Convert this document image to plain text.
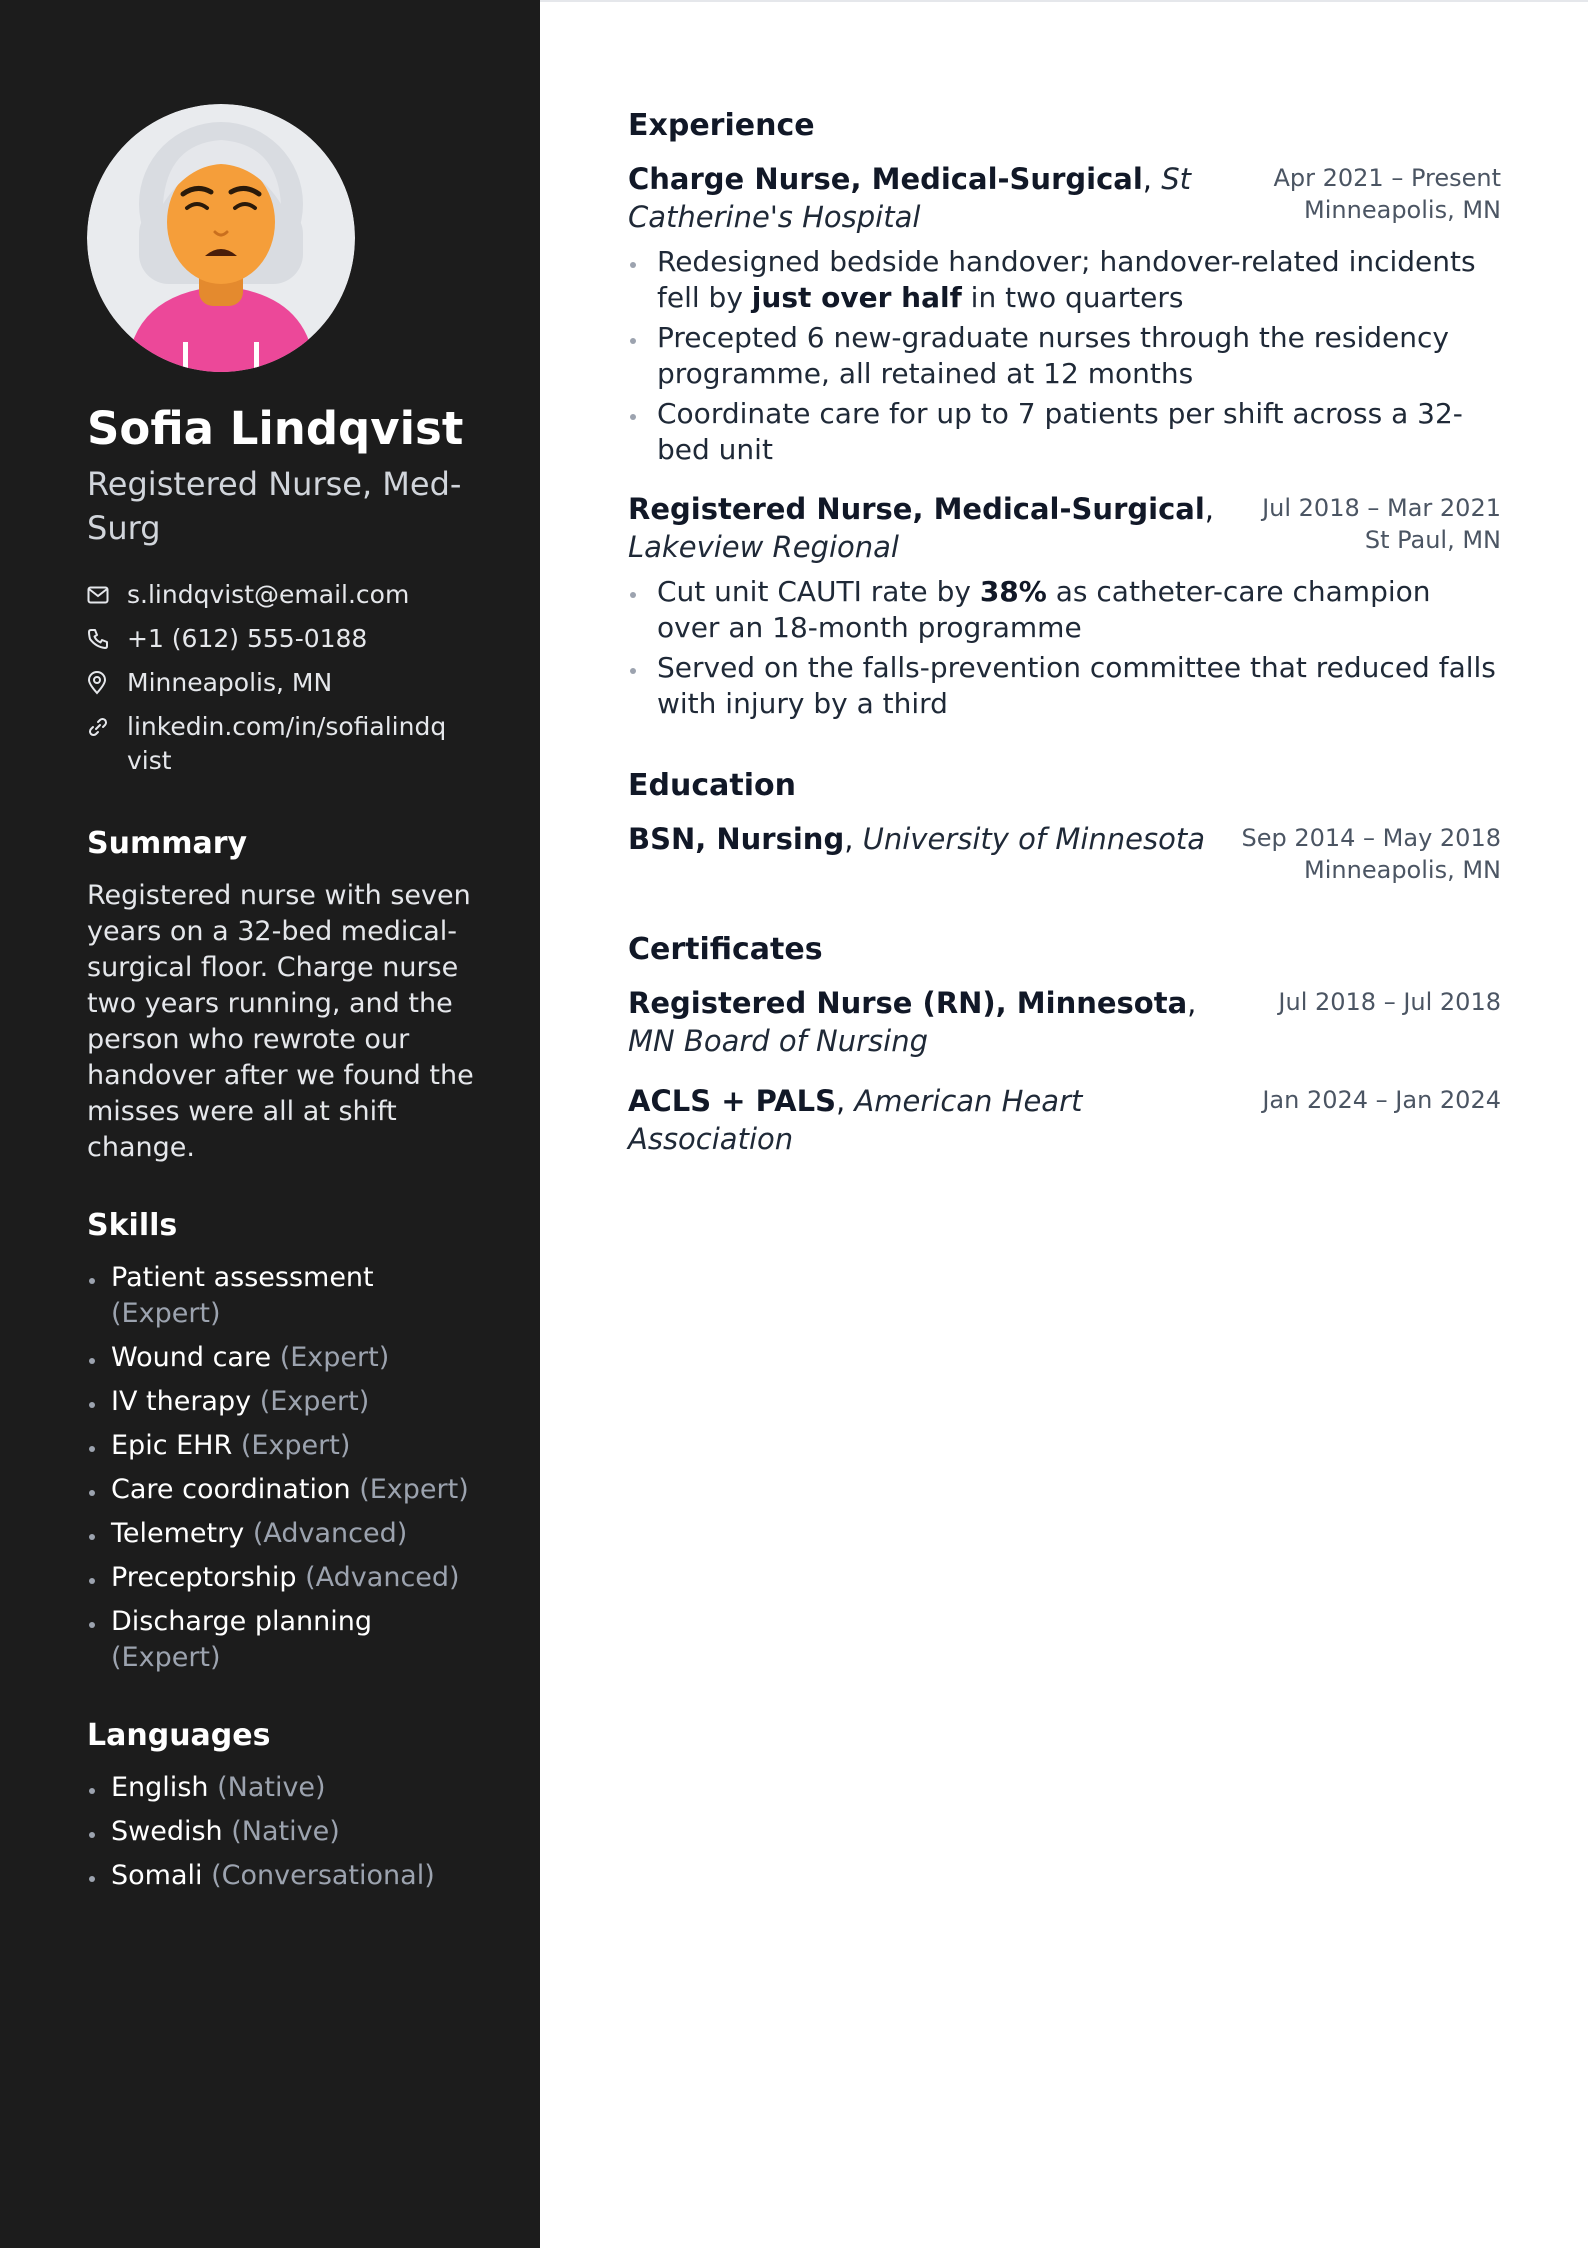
Sofia Lindqvist
Registered Nurse, Med-Surg
s.lindqvist@email.com
+1 (612) 555-0188
Minneapolis, MN
linkedin.com/in/sofialindqvist
Summary

Registered nurse with seven years on a 32-bed medical-surgical floor. Charge nurse two years running, and the person who rewrote our handover after we found the misses were all at shift change.

Skills
Patient assessment (Expert)
Wound care (Expert)
IV therapy (Expert)
Epic EHR (Expert)
Care coordination (Expert)
Telemetry (Advanced)
Preceptorship (Advanced)
Discharge planning (Expert)
Languages
English (Native)
Swedish (Native)
Somali (Conversational)
Experience
Charge Nurse, Medical-Surgical, St Catherine's Hospital
Apr 2021 – Present
Minneapolis, MN
Redesigned bedside handover; handover-related incidents fell by just over half in two quarters
Precepted 6 new-graduate nurses through the residency programme, all retained at 12 months
Coordinate care for up to 7 patients per shift across a 32-bed unit
Registered Nurse, Medical-Surgical, Lakeview Regional
Jul 2018 – Mar 2021
St Paul, MN
Cut unit CAUTI rate by 38% as catheter-care champion over an 18-month programme
Served on the falls-prevention committee that reduced falls with injury by a third
Education
BSN, Nursing, University of Minnesota Sep 2014 – May 2018
Minneapolis, MN
Certificates
Registered Nurse (RN), Minnesota, MN Board of Nursing
Jul 2018 – Jul 2018
ACLS + PALS, American Heart Association
Jan 2024 – Jan 2024
